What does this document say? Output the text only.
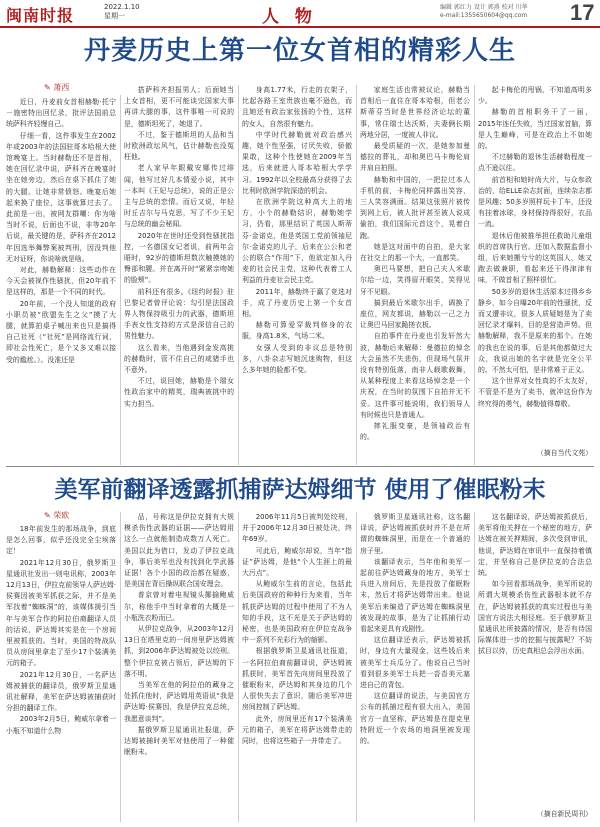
闽南时报	2022.1.10
星期一	人 物	编辑 郭红力 设计 郭燕 校对 川华
e-mail:1355650604@qq.com	17
丹麦历史上第一位女首相的精彩人生
✎ 萧西

近日，丹麦前女首相赫勒·托宁－施密特出回忆录，批评法国前总统萨科齐轻慢自己。

仔细一看，这件事发生在2002年或2003年的法国驻哥本哈根大使馆晚宴上。当时赫勒还不是首相，她在回忆录中说，萨科齐在晚宴时坐在她旁边，然后在桌下抓住了她的大腿。让她非常愤怒。晚宴后她起来换了座位，这事就算过去了。此前是一出，被网友群嘲：你为啥当时不说，后面也不说，非等20年后说，最关键的是，萨科齐在2012年因选举舞弊案被判刑，因没判他无对证呀，你说啥就是啥。

对此，赫勒解释：这些动作在今天会被视作性骚扰，但20年前不是这样的，那是一个不同的时代。

20年前，一个没人知道的政府小职员被“欧盟先生之父”摸了大腿，就算拍桌子喊出来也只是搞得自己社死（“社死”是网络流行词，即社会性死亡，是个又多又难以接受的尴尬。）。没准还是

搭萨科齐担报男人；后面她当上女首相，更不可能谈完国家大事再讲大腿的事，这件事唯一可说的是，德斯坦死了，她退了。

不过，鉴于德斯坦的人品和当时欧洲政坛风气，估计赫勒也没冤枉他。

老人家早年跟戴安娜传过绯闻，他写过好几本情爱小说，其中一本叫《王妃与总统》，说的正是公主与总统的恋情。而后又说，年轻时丘吉尔与马克思，写了不少王妃与总统的幽会秘闻。

2020年在世时还受到性骚扰指控，一名德国女记者说，前两年会晤时，92岁的德斯坦数次触摸她的臀部和腰。并在离开时“紧紧亲吻她的脸颊”。

前科还有很多。《纽约时报》驻巴黎记者曾评论说：勾引是法国政界人物保持吸引力的武器，德斯坦手表女性支持的方式是深信自己的男性魅力。

这么看来，当他遇到金发高挑的赫勒时，管不住自己的咸猪手也不意外。

不过，说回她，赫勒是个瑞女性政治家中的精英，瑞典被挑中的实力担当。

身高1.77米，行走的衣架子，比起各路王室贵族也毫不逊色，而且她还有政治家张扬的个性，这样的女人，自然很有魅力。

中学时代赫勒就对政治感兴趣，她个性坚强，讨厌失败，骄傲果敢，这种个性使她在2009年当选，后来就进入哥本哈根大学学习。1992年以全校最高分获得了去比利时欧洲学院深造的机会。

在欧洲学院这种高大上的地方，小个的赫勒结识，赫勒她学习，仍看，那里结识了英国人斯蒂芬·金诺克，他是英国工党前领袖尼尔·金诺克的儿子，后来在公公和老公的联合“作用”下，他欲定加入丹麦的社会民主党，这种代表着工人利益的丹麦社会民主党。

2011年，赫勒终于赢了竞选对手，成了丹麦历史上第一个女首相。

赫勒可算爱穿裁判修身的衣服，身高1.8米，气场二米。

女强人受到的非议总是特别多，八卦杂志写她沉迷购物，但这么多年她的脸都不变。

家庭生活也常被议论，赫勒当首相后一直住在哥本哈根，但老公斯蒂芬当时是世界经济论坛的董事，常住瑞士达沃斯，夫妻俩长期两地分居，一度被人非议。

最受质疑的一次，是她参加曼德拉的葬礼，却和奥巴马卡梅伦肩并肩自拍照。

赫勒和中国的，一把拉过本人手机的前，卡梅伦同样露出笑容，三人笑容满面。结果这张照片被传到网上后，被人批评甚至被人说成偷拍，我们国际元首这个，晃着白跑。

她是这对面中的自拍，是大家在社交上的那一个大，一直都笑。

奥巴马要想，把自己夫人米歇尔给一边，笑得眉开眼笑，笑得见牙不见眼。

搞到最后米歇尔出手，调换了座位，网友都说，赫勒以一己之力让奥巴马回家跪搓衣板。

自拍事件在丹麦也引发轩然大波，赫勒后来解释：曼德拉的悼念大会虽然不失悲伤，但现场气氛并没有特别低落，南非人载歌载舞，从某种程度上来看这场悼念是一个庆祝，在当时的氛围下自拍并无不妥。这件事可能说明，我们领导人有时候也只是普通人。

摔礼服变豪，是领袖政治有的。

起卡梅伦的甩锅，不知道高明多少。

赫勒的首相职务干了一届，2015年连任失败，当过国家首脑，算是人生巅峰，可是在政治上不如她的。

不过赫勒的退休生活赫勒程度一点不逊以往。

前首相和她时尚大片，与众参政治的，给ELLE杂志封面，连续杂志都是风趣；50多岁照样玩卡丁车，还没有挂着冰球，身材保持得很好，衣品一流。

退休后他被推举担任救助儿童组织的首席执行官。还加入数据监督小组，后来她搬兮兮的这英国人，她又跑去做兼职，看起来还干得津津有味，不做首相了照样很忙。

50多岁的退休生活原本过得乡乡静乡，如今自曝20年前的性骚扰，反而又遭非议，很多人质疑她是为了卖回忆录才爆料，目的是营造声势。但赫勒解释，我不是原来的那个。在她的我也在说的事，后是其他都做过大众，我说出她的名字就是完全公平的。不然太可怕，是非常难于正义。

这个世界对女性真的不太友好，不管是不是为了卖书，就冲这份作为终究得的勇气，赫勒值得尊敬。

（摘自当代文苑）
美军前翻译透露抓捕萨达姆细节 使用了催眠粉末
✎ 荣欧

18年前发生的那场战争，到底是怎么回事，似乎还没完全尘埃落定！

2021年12月30日，俄罗斯卫星通讯社发出一则电讯称，2003年12月13日，伊拉克前领导人萨达姆·侯赛因被美军抓获之际，并不是美军找着“蜘蛛洞”的，该媒体援引当年与美军合作的阿拉伯裔翻译人员的话说，萨达姆其实是在一个房间里被抓获的。当时，美国的特战队员从房间里拿走了至少17个装满美元的箱子。

2021年12月30日，一名萨达姆被捕获的翻译员，俄罗斯卫星通讯社解释，美军在萨达姆被捕获时分担的翻译工作。

2003年2月5日，鲍威尔拿着一小瓶不知道什么物

品，号称这是伊拉克拥有大规模杀伤性武器的证据——萨达姆用这么一点就能制造成数万人死亡。美国以此为借口，发动了伊拉克战争，事后美军也没有找到化学武器证据！各个小国的政治都在疑惑，是美国在背后操纵联合国安理会。

普京曾对着电视镜头揶揄鲍威尔，称他手中当时拿着的大概是一小瓶洗衣粉而已。

从伊拉克战争，从2003年12月13日在塔里克的一间房里萨达姆被抓，到2006年萨达姆被处以绞刑。整个伊拉克被占领后，萨达姆的下落不明。

当美军在他的阿拉伯的藏身之处抓住他时，萨达姆用英语说“我是萨达姆·侯赛因，我是伊拉克总统，我愿意谈判”。

据俄罗斯卫星通讯社报道，萨达姆被捕时美军对他使用了一种催眠粉末。

2006年11月5日被判处绞刑，并于2006年12月30日被处决，终年69岁。

可此后，鲍威尔却说，当年“指证”萨达姆，是他“个人生涯上的最大污点”。

从鲍威尔生前的言论，包括此后美国政府的种种行为来看，当年抓获萨达姆的过程中使用了不为人知的手段，这不光是关于萨达姆的秘密，也是美国政府在伊拉克战争中一系列不光彩行为的缩影。

根据俄罗斯卫星通讯社报道，一名阿拉伯裔前翻译说，萨达姆被抓获时，美军首先向房间里投放了催眠粉末，萨达姆和其身边的几个人很快失去了意识，随后美军冲进房间控制了萨达姆。

此外，房间里还有17个装满美元的箱子，美军在将萨达姆带走的同时，也将这些箱子一并带走了。

俄罗斯卫星通讯社称，这名翻译说，萨达姆被抓获时并不是在所谓的蜘蛛洞里，而是在一个普通的房子里。

该翻译表示，当年他和美军一起前往萨达姆藏身的地方，美军士兵进入房间后，先是投放了催眠粉末，然后才将萨达姆带出来。他说美军后来编造了萨达姆在蜘蛛洞里被发现的故事，是为了让抓捕行动看起来更具有戏剧性。

这位翻译还表示，萨达姆被抓时，身边有大量现金，这些钱后来被美军士兵瓜分了。他说自己当时看到很多美军士兵把一沓沓美元塞进自己的背包。

这位翻译的说法，与美国官方公布的抓捕过程有很大出入，美国官方一直坚称，萨达姆是在提克里特附近一个农场的地洞里被发现的。

这名翻译说，萨达姆被抓获后，美军将他关押在一个秘密的地方，萨达姆在被关押期间，多次受到审讯，他说，萨达姆在审讯中一直保持着镇定，并坚称自己是伊拉克的合法总统。

如今回看那场战争，美军所说的所谓大规模杀伤性武器根本就不存在，萨达姆被抓获的真实过程也与美国官方说法大相径庭。至于俄罗斯卫星通讯社所披露的情况，是否有待国际媒体进一步的挖掘与披露呢？不妨拭目以待，历史真相总会浮出水面。

（摘自新民周刊）
